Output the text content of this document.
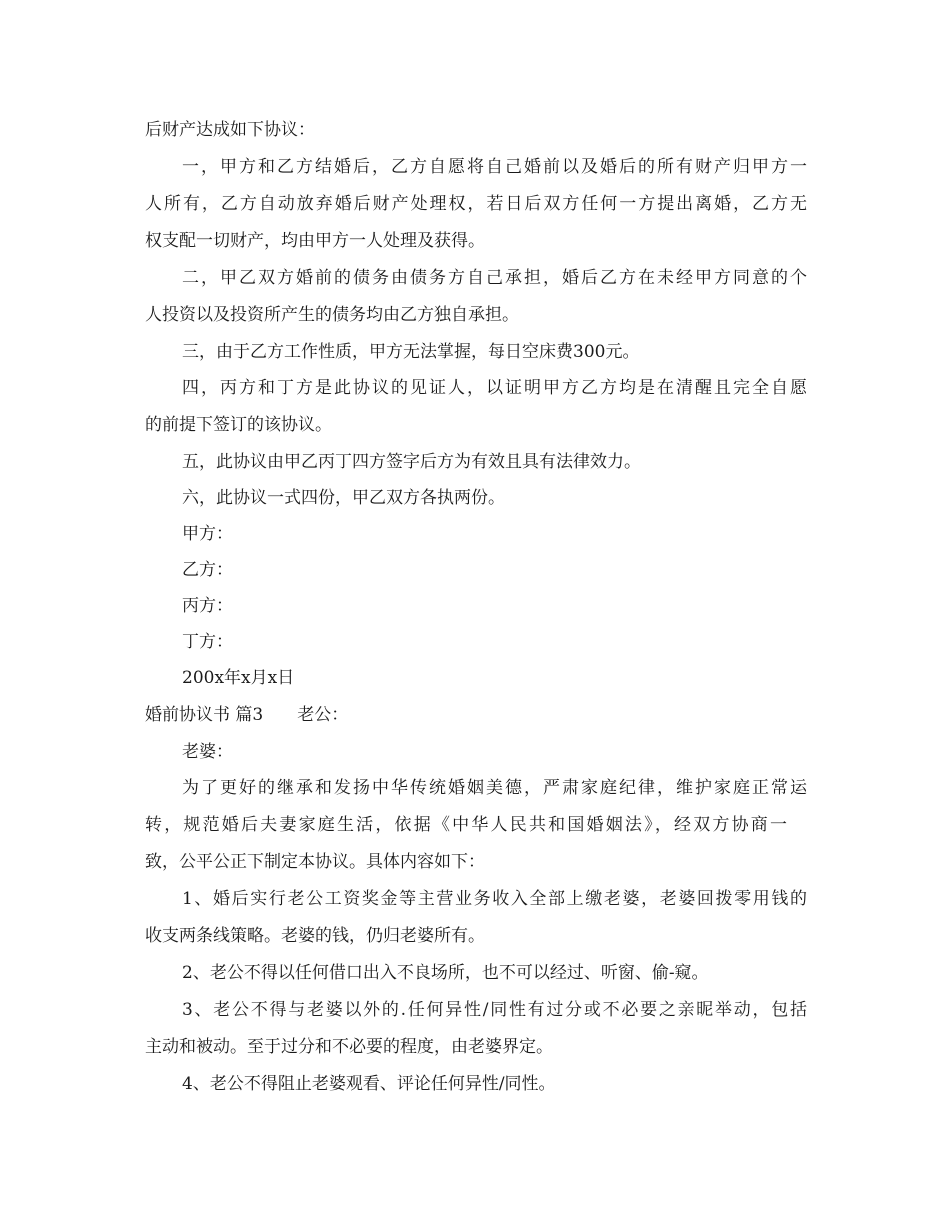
后财产达成如下协议：
一，甲方和乙方结婚后，乙方自愿将自己婚前以及婚后的所有财产归甲方一
人所有，乙方自动放弃婚后财产处理权，若日后双方任何一方提出离婚，乙方无
权支配一切财产，均由甲方一人处理及获得。
二，甲乙双方婚前的债务由债务方自己承担，婚后乙方在未经甲方同意的个
人投资以及投资所产生的债务均由乙方独自承担。
三，由于乙方工作性质，甲方无法掌握，每日空床费300元。
四，丙方和丁方是此协议的见证人，以证明甲方乙方均是在清醒且完全自愿
的前提下签订的该协议。
五，此协议由甲乙丙丁四方签字后方为有效且具有法律效力。
六，此协议一式四份，甲乙双方各执两份。
甲方：
乙方：
丙方：
丁方：
200x年x月x日
婚前协议书 篇3　　老公：
老婆：
为了更好的继承和发扬中华传统婚姻美德，严肃家庭纪律，维护家庭正常运
转，规范婚后夫妻家庭生活，依据《中华人民共和国婚姻法》，经双方协商一
致，公平公正下制定本协议。具体内容如下：
1、婚后实行老公工资奖金等主营业务收入全部上缴老婆，老婆回拨零用钱的
收支两条线策略。老婆的钱，仍归老婆所有。
2、老公不得以任何借口出入不良场所，也不可以经过、听窗、偷-窥。
3、老公不得与老婆以外的.任何异性/同性有过分或不必要之亲昵举动，包括
主动和被动。至于过分和不必要的程度，由老婆界定。
4、老公不得阻止老婆观看、评论任何异性/同性。
